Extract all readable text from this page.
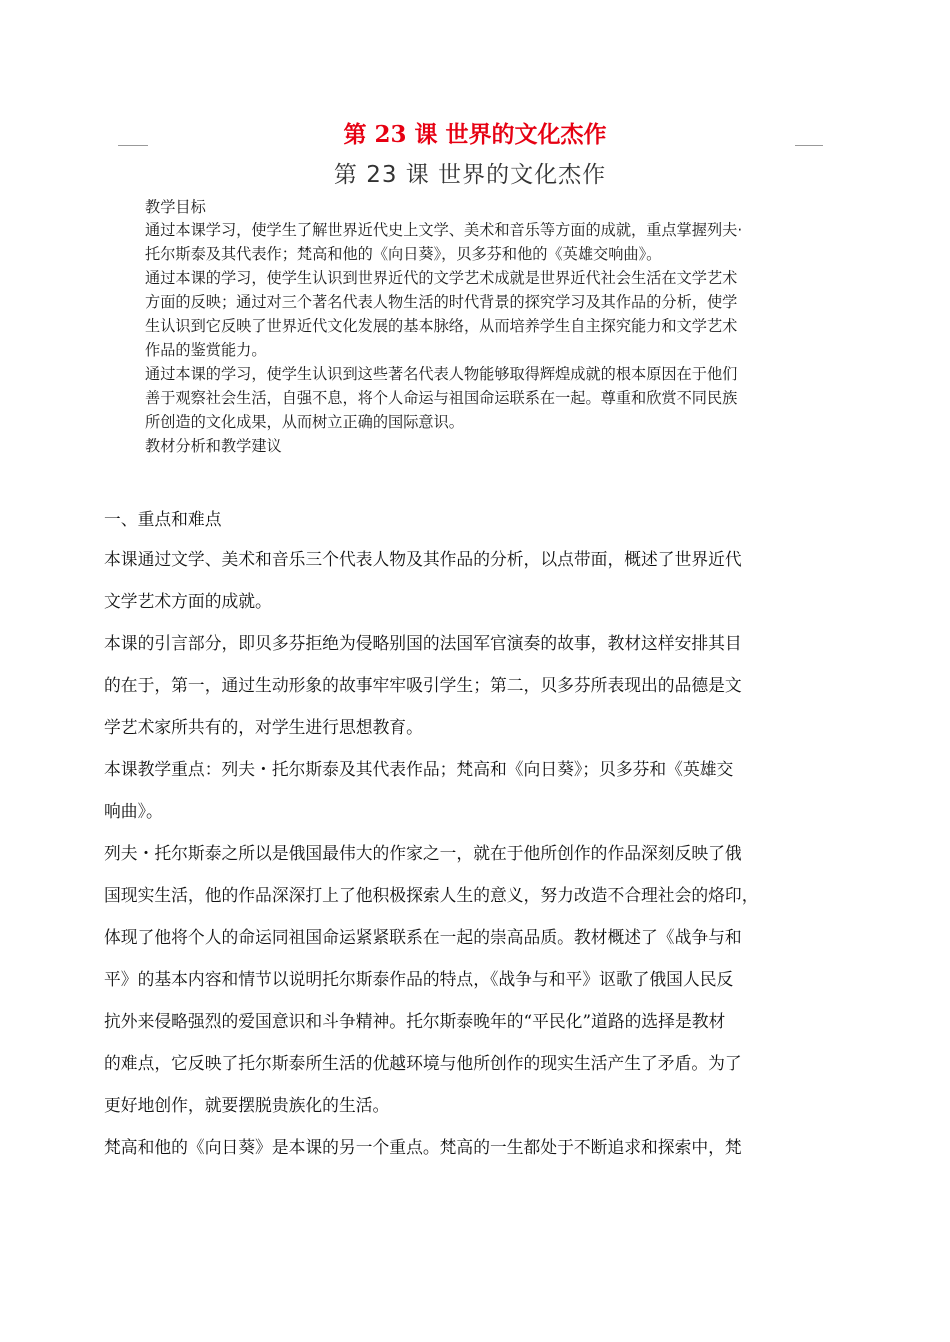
第 23 课 世界的文化杰作
第 23 课 世界的文化杰作
教学目标
通过本课学习，使学生了解世界近代史上文学、美术和音乐等方面的成就，重点掌握列夫·
托尔斯泰及其代表作；梵高和他的《向日葵》，贝多芬和他的《英雄交响曲》。
通过本课的学习，使学生认识到世界近代的文学艺术成就是世界近代社会生活在文学艺术
方面的反映；通过对三个著名代表人物生活的时代背景的探究学习及其作品的分析，使学
生认识到它反映了世界近代文化发展的基本脉络，从而培养学生自主探究能力和文学艺术
作品的鉴赏能力。
通过本课的学习，使学生认识到这些著名代表人物能够取得辉煌成就的根本原因在于他们
善于观察社会生活，自强不息，将个人命运与祖国命运联系在一起。尊重和欣赏不同民族
所创造的文化成果，从而树立正确的国际意识。
教材分析和教学建议
一、重点和难点

本课通过文学、美术和音乐三个代表人物及其作品的分析，以点带面，概述了世界近代

文学艺术方面的成就。

本课的引言部分，即贝多芬拒绝为侵略别国的法国军官演奏的故事，教材这样安排其目

的在于，第一，通过生动形象的故事牢牢吸引学生；第二，贝多芬所表现出的品德是文

学艺术家所共有的，对学生进行思想教育。

本课教学重点：列夫・托尔斯泰及其代表作品；梵高和《向日葵》；贝多芬和《英雄交

响曲》。

列夫・托尔斯泰之所以是俄国最伟大的作家之一，就在于他所创作的作品深刻反映了俄

国现实生活，他的作品深深打上了他积极探索人生的意义，努力改造不合理社会的烙印，

体现了他将个人的命运同祖国命运紧紧联系在一起的崇高品质。教材概述了《战争与和

平》的基本内容和情节以说明托尔斯泰作品的特点，《战争与和平》讴歌了俄国人民反

抗外来侵略强烈的爱国意识和斗争精神。托尔斯泰晚年的“平民化”道路的选择是教材

的难点，它反映了托尔斯泰所生活的优越环境与他所创作的现实生活产生了矛盾。为了

更好地创作，就要摆脱贵族化的生活。

梵高和他的《向日葵》是本课的另一个重点。梵高的一生都处于不断追求和探索中，梵
